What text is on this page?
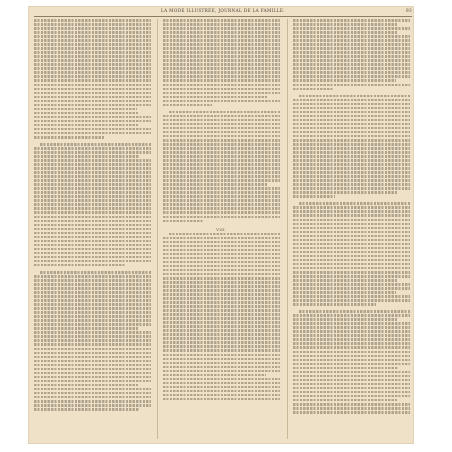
LA MODE ILLUSTRÉE, JOURNAL DE LA FAMILLE.	93
VIII.
